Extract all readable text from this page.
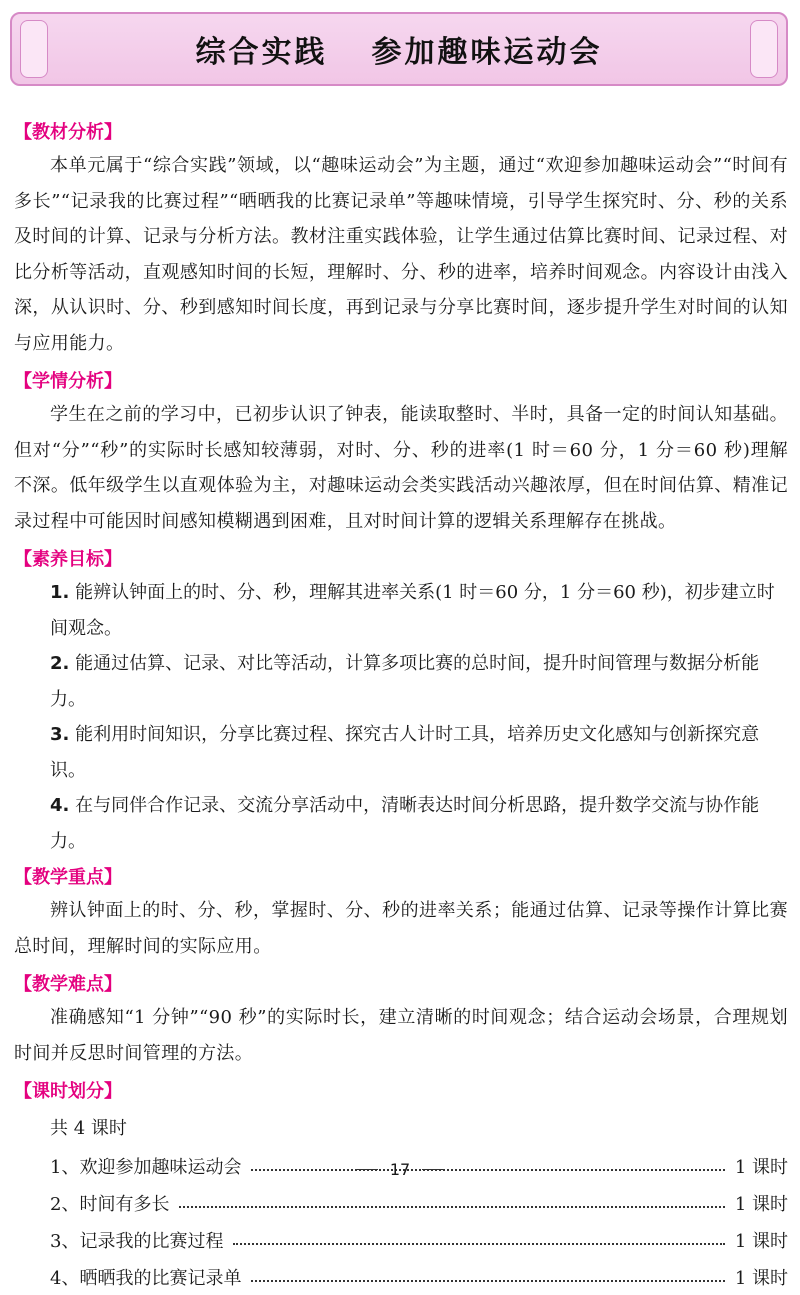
综合实践 参加趣味运动会
【教材分析】

本单元属于“综合实践”领域，以“趣味运动会”为主题，通过“欢迎参加趣味运动会”“时间有多长”“记录我的比赛过程”“晒晒我的比赛记录单”等趣味情境，引导学生探究时、分、秒的关系及时间的计算、记录与分析方法。教材注重实践体验，让学生通过估算比赛时间、记录过程、对比分析等活动，直观感知时间的长短，理解时、分、秒的进率，培养时间观念。内容设计由浅入深，从认识时、分、秒到感知时间长度，再到记录与分享比赛时间，逐步提升学生对时间的认知与应用能力。

【学情分析】

学生在之前的学习中，已初步认识了钟表，能读取整时、半时，具备一定的时间认知基础。但对“分”“秒”的实际时长感知较薄弱，对时、分、秒的进率(1 时＝60 分，1 分＝60 秒)理解不深。低年级学生以直观体验为主，对趣味运动会类实践活动兴趣浓厚，但在时间估算、精准记录过程中可能因时间感知模糊遇到困难，且对时间计算的逻辑关系理解存在挑战。

【素养目标】

1. 能辨认钟面上的时、分、秒，理解其进率关系(1 时＝60 分，1 分＝60 秒)，初步建立时间观念。

2. 能通过估算、记录、对比等活动，计算多项比赛的总时间，提升时间管理与数据分析能力。

3. 能利用时间知识，分享比赛过程、探究古人计时工具，培养历史文化感知与创新探究意识。

4. 在与同伴合作记录、交流分享活动中，清晰表达时间分析思路，提升数学交流与协作能力。

【教学重点】

辨认钟面上的时、分、秒，掌握时、分、秒的进率关系；能通过估算、记录等操作计算比赛总时间，理解时间的实际应用。

【教学难点】

准确感知“1 分钟”“90 秒”的实际时长，建立清晰的时间观念；结合运动会场景，合理规划时间并反思时间管理的方法。

【课时划分】
共 4 课时
1、欢迎参加趣味运动会	1 课时
2、时间有多长	1 课时
3、记录我的比赛过程	1 课时
4、晒晒我的比赛记录单	1 课时
17
